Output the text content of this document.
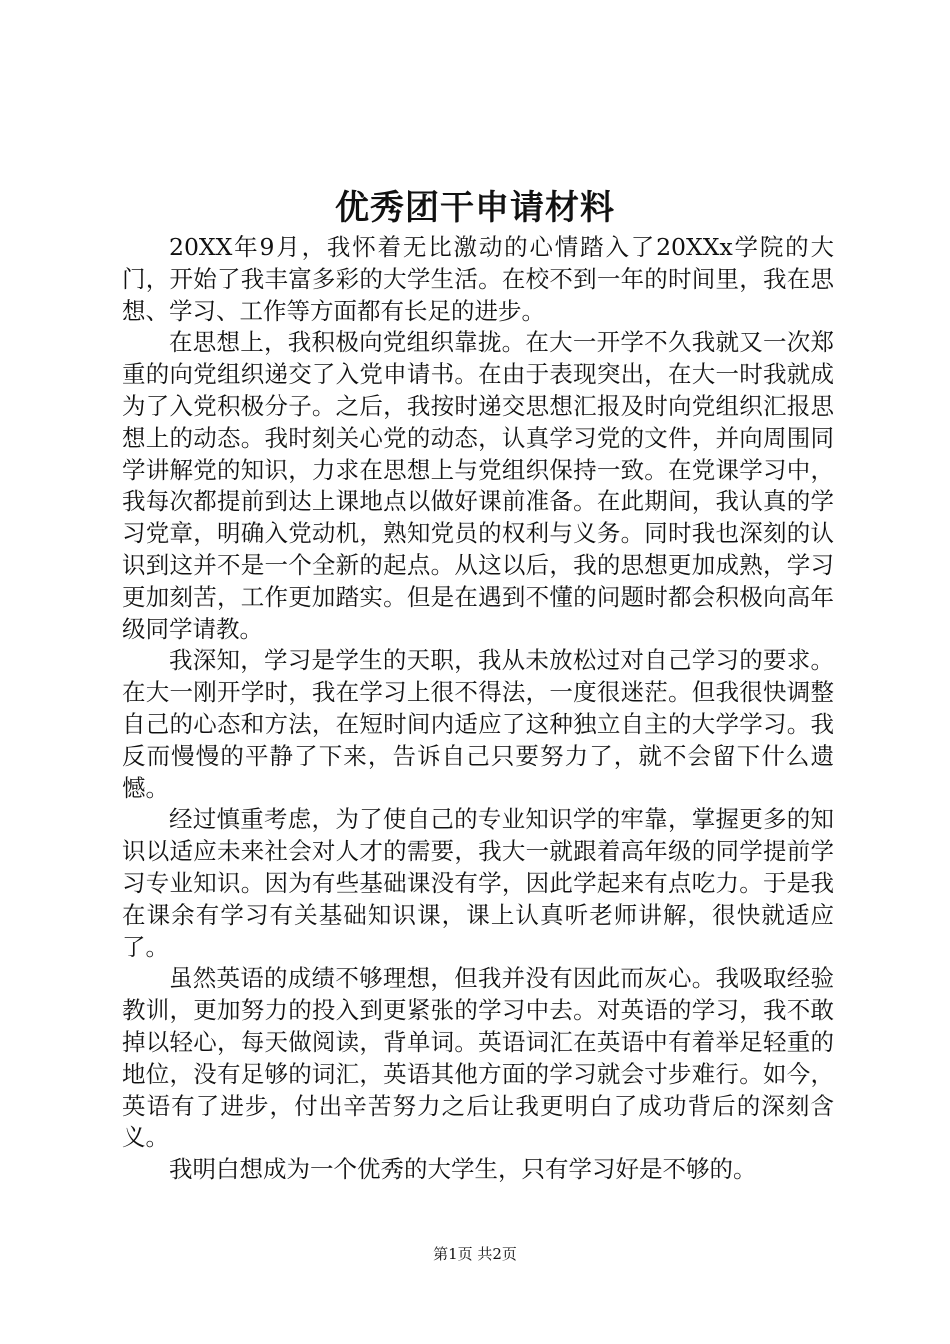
优秀团干申请材料

20XX年9月，我怀着无比激动的心情踏入了20XXx学院的大门，开始了我丰富多彩的大学生活。在校不到一年的时间里，我在思想、学习、工作等方面都有长足的进步。

在思想上，我积极向党组织靠拢。在大一开学不久我就又一次郑重的向党组织递交了入党申请书。在由于表现突出，在大一时我就成为了入党积极分子。之后，我按时递交思想汇报及时向党组织汇报思想上的动态。我时刻关心党的动态，认真学习党的文件，并向周围同学讲解党的知识，力求在思想上与党组织保持一致。在党课学习中，我每次都提前到达上课地点以做好课前准备。在此期间，我认真的学习党章，明确入党动机，熟知党员的权利与义务。同时我也深刻的认识到这并不是一个全新的起点。从这以后，我的思想更加成熟，学习更加刻苦，工作更加踏实。但是在遇到不懂的问题时都会积极向高年级同学请教。

我深知，学习是学生的天职，我从未放松过对自己学习的要求。在大一刚开学时，我在学习上很不得法，一度很迷茫。但我很快调整自己的心态和方法，在短时间内适应了这种独立自主的大学学习。我反而慢慢的平静了下来，告诉自己只要努力了，就不会留下什么遗憾。

经过慎重考虑，为了使自己的专业知识学的牢靠，掌握更多的知识以适应未来社会对人才的需要，我大一就跟着高年级的同学提前学习专业知识。因为有些基础课没有学，因此学起来有点吃力。于是我在课余有学习有关基础知识课，课上认真听老师讲解，很快就适应了。

虽然英语的成绩不够理想，但我并没有因此而灰心。我吸取经验教训，更加努力的投入到更紧张的学习中去。对英语的学习，我不敢掉以轻心，每天做阅读，背单词。英语词汇在英语中有着举足轻重的地位，没有足够的词汇，英语其他方面的学习就会寸步难行。如今，英语有了进步，付出辛苦努力之后让我更明白了成功背后的深刻含义。

我明白想成为一个优秀的大学生，只有学习好是不够的。

第1页 共2页
